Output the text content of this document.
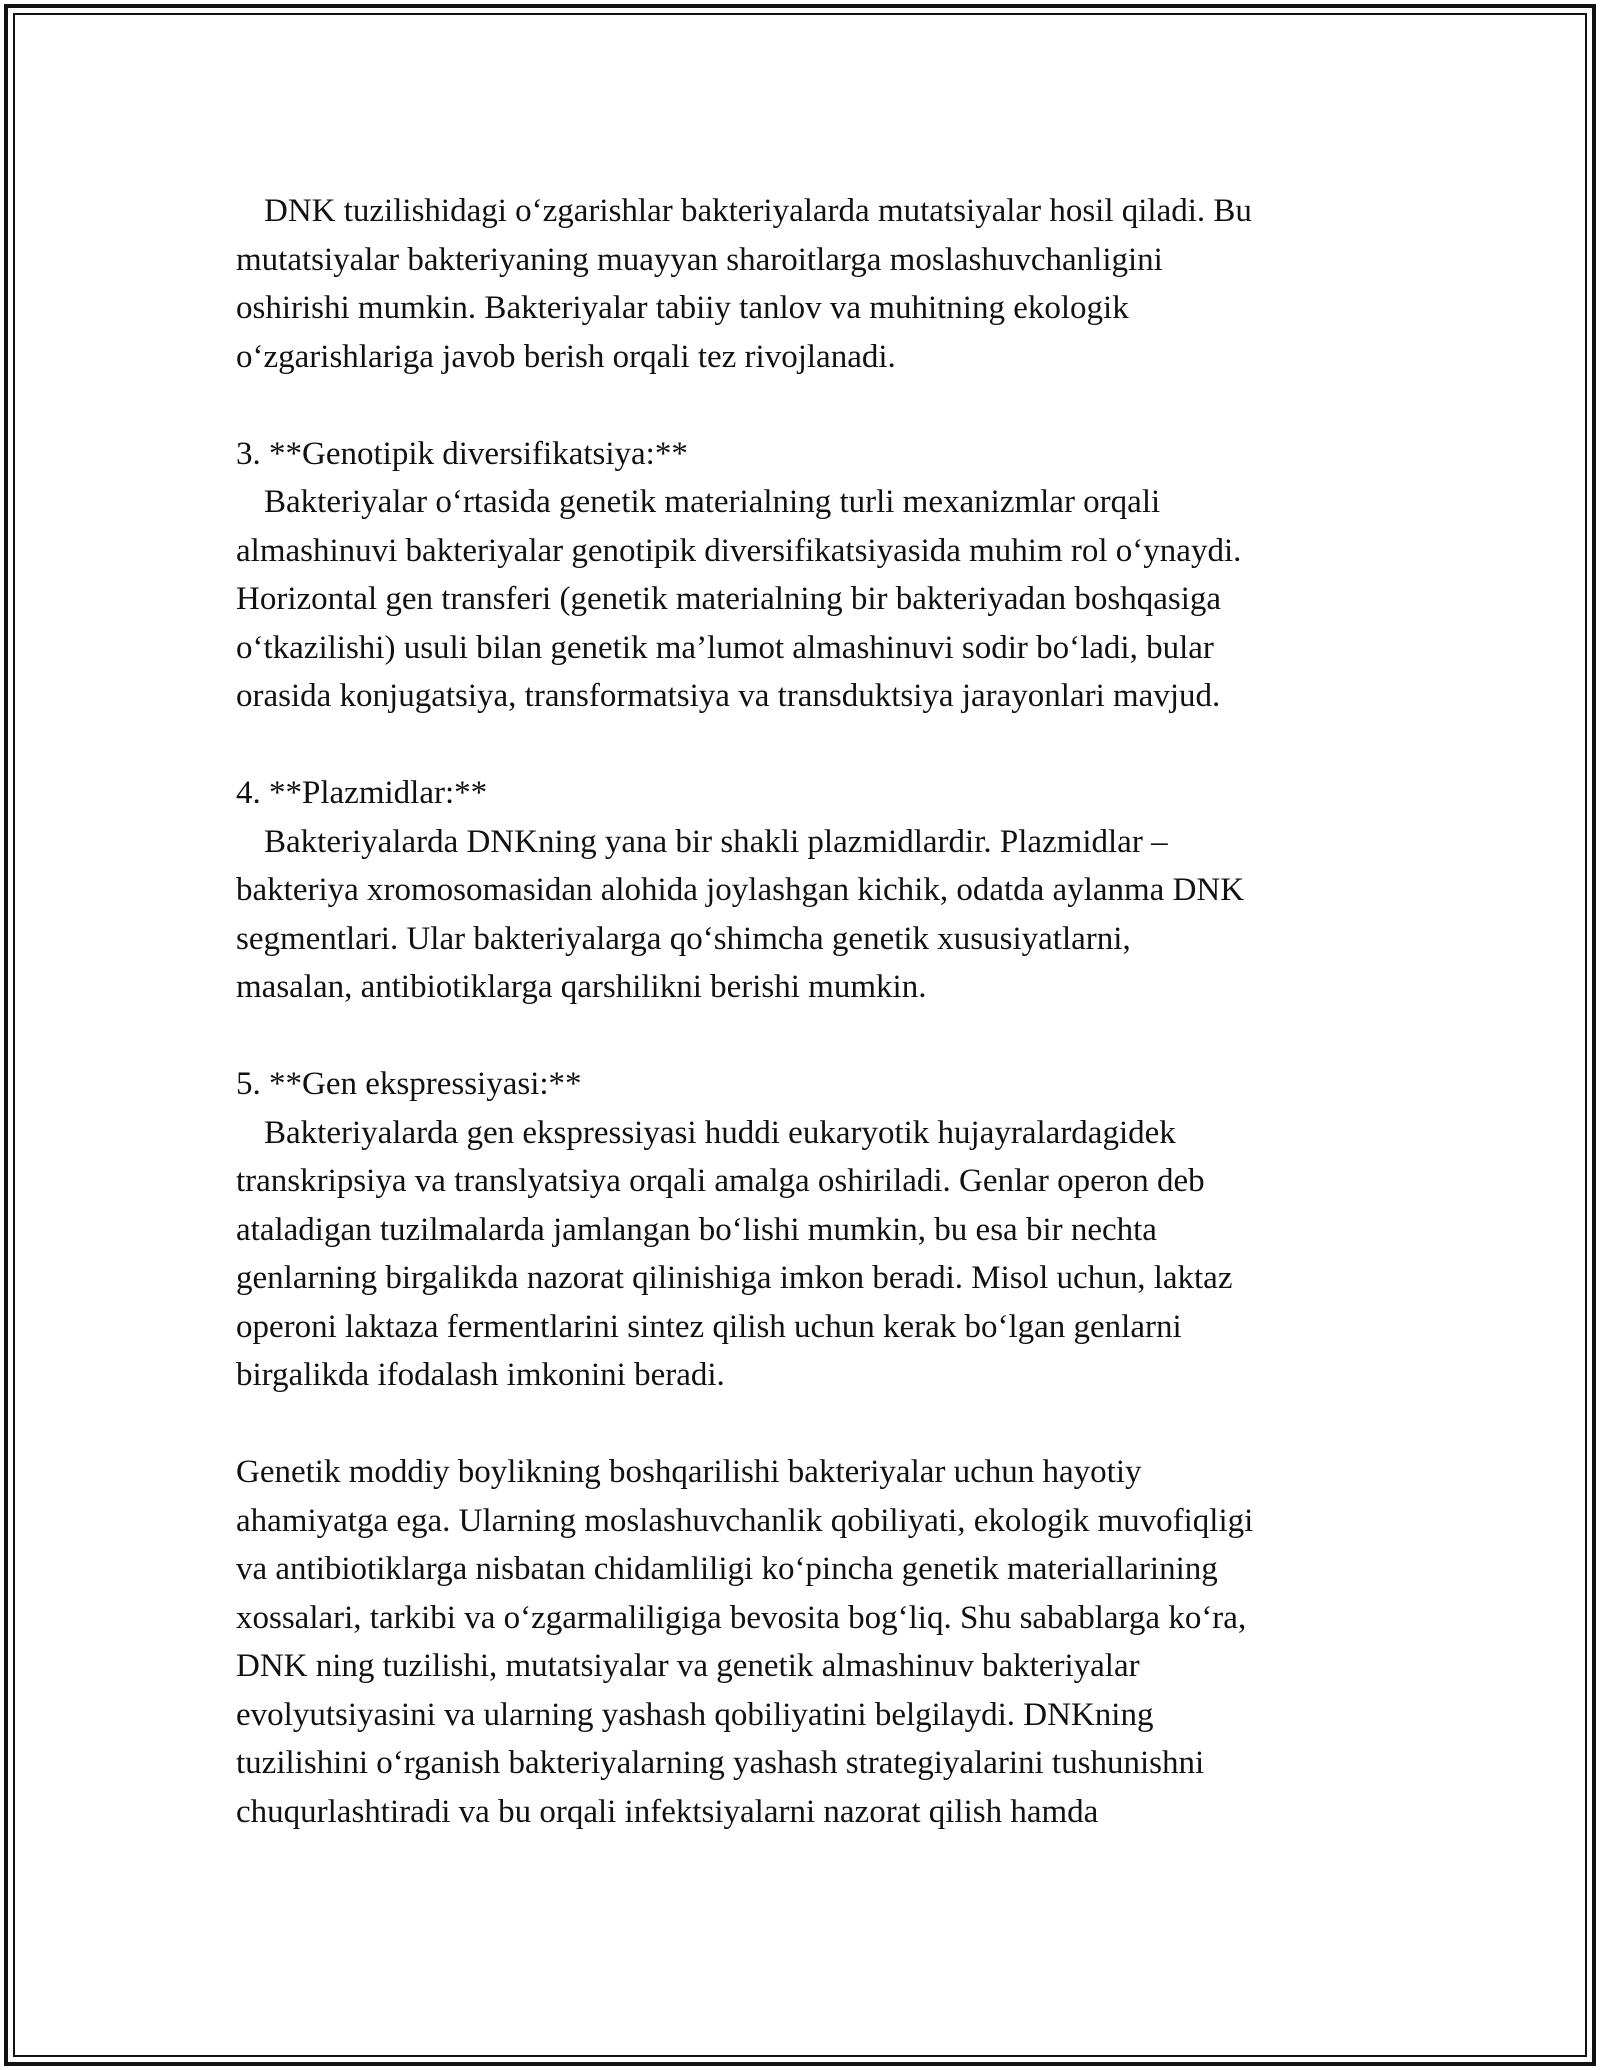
DNK tuzilishidagi o‘zgarishlar bakteriyalarda mutatsiyalar hosil qiladi. Bu
mutatsiyalar bakteriyaning muayyan sharoitlarga moslashuvchanligini
oshirishi mumkin. Bakteriyalar tabiiy tanlov va muhitning ekologik
o‘zgarishlariga javob berish orqali tez rivojlanadi.
3. **Genotipik diversifikatsiya:**
Bakteriyalar o‘rtasida genetik materialning turli mexanizmlar orqali
almashinuvi bakteriyalar genotipik diversifikatsiyasida muhim rol o‘ynaydi.
Horizontal gen transferi (genetik materialning bir bakteriyadan boshqasiga
o‘tkazilishi) usuli bilan genetik ma’lumot almashinuvi sodir bo‘ladi, bular
orasida konjugatsiya, transformatsiya va transduktsiya jarayonlari mavjud.
4. **Plazmidlar:**
Bakteriyalarda DNKning yana bir shakli plazmidlardir. Plazmidlar –
bakteriya xromosomasidan alohida joylashgan kichik, odatda aylanma DNK
segmentlari. Ular bakteriyalarga qo‘shimcha genetik xususiyatlarni,
masalan, antibiotiklarga qarshilikni berishi mumkin.
5. **Gen ekspressiyasi:**
Bakteriyalarda gen ekspressiyasi huddi eukaryotik hujayralardagidek
transkripsiya va translyatsiya orqali amalga oshiriladi. Genlar operon deb
ataladigan tuzilmalarda jamlangan bo‘lishi mumkin, bu esa bir nechta
genlarning birgalikda nazorat qilinishiga imkon beradi. Misol uchun, laktaz
operoni laktaza fermentlarini sintez qilish uchun kerak bo‘lgan genlarni
birgalikda ifodalash imkonini beradi.
Genetik moddiy boylikning boshqarilishi bakteriyalar uchun hayotiy
ahamiyatga ega. Ularning moslashuvchanlik qobiliyati, ekologik muvofiqligi
va antibiotiklarga nisbatan chidamliligi ko‘pincha genetik materiallarining
xossalari, tarkibi va o‘zgarmaliligiga bevosita bog‘liq. Shu sabablarga ko‘ra,
DNK ning tuzilishi, mutatsiyalar va genetik almashinuv bakteriyalar
evolyutsiyasini va ularning yashash qobiliyatini belgilaydi. DNKning
tuzilishini o‘rganish bakteriyalarning yashash strategiyalarini tushunishni
chuqurlashtiradi va bu orqali infektsiyalarni nazorat qilish hamda
